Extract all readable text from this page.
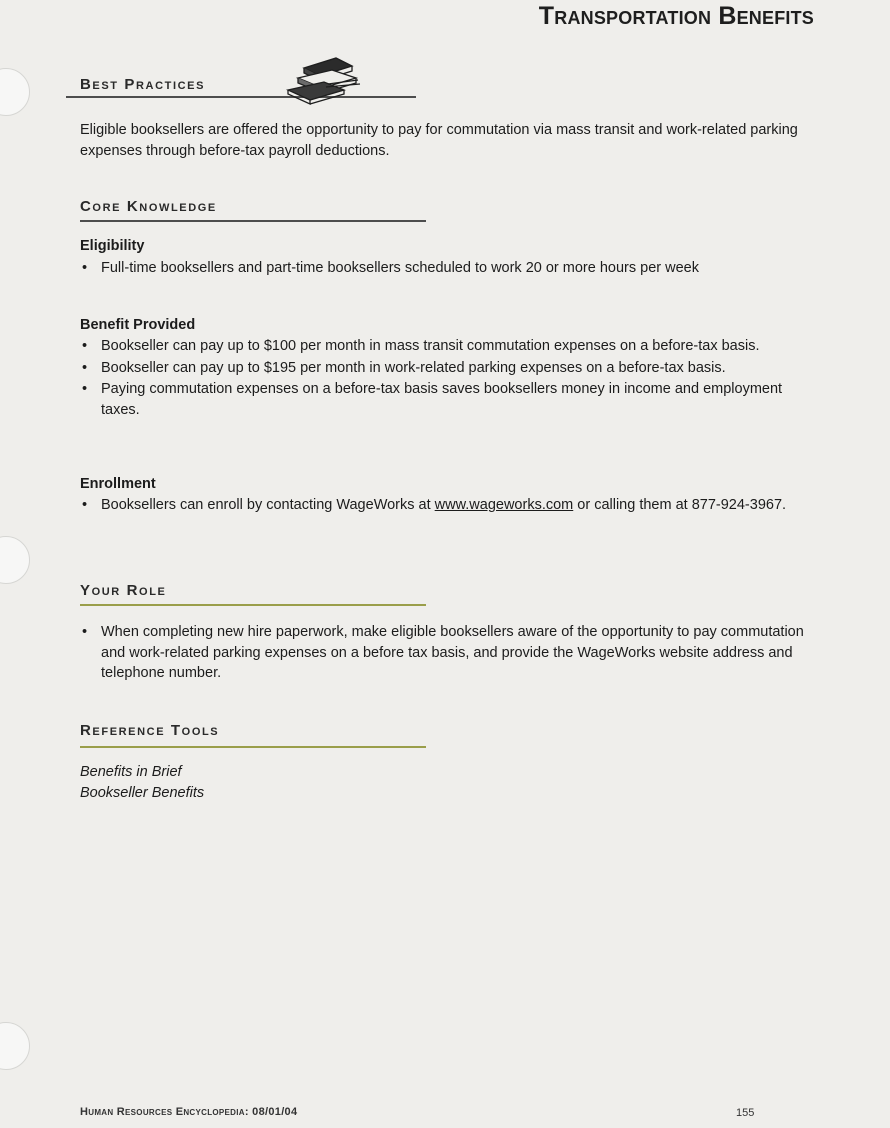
Transportation Benefits
Best Practices

Eligible booksellers are offered the opportunity to pay for commutation via mass transit and work-related parking expenses through before-tax payroll deductions.

Core Knowledge
Eligibility
• Full-time booksellers and part-time booksellers scheduled to work 20 or more hours per week
Benefit Provided
• Bookseller can pay up to $100 per month in mass transit commutation expenses on a before-tax basis.
• Bookseller can pay up to $195 per month in work-related parking expenses on a before-tax basis.
• Paying commutation expenses on a before-tax basis saves booksellers money in income and employment taxes.
Enrollment
• Booksellers can enroll by contacting WageWorks at www.wageworks.com or calling them at 877-924-3967.
Your Role
• When completing new hire paperwork, make eligible booksellers aware of the opportunity to pay commutation and work-related parking expenses on a before tax basis, and provide the WageWorks website address and telephone number.
Reference Tools
Benefits in Brief
Bookseller Benefits

Human Resources Encyclopedia: 08/01/04	155
